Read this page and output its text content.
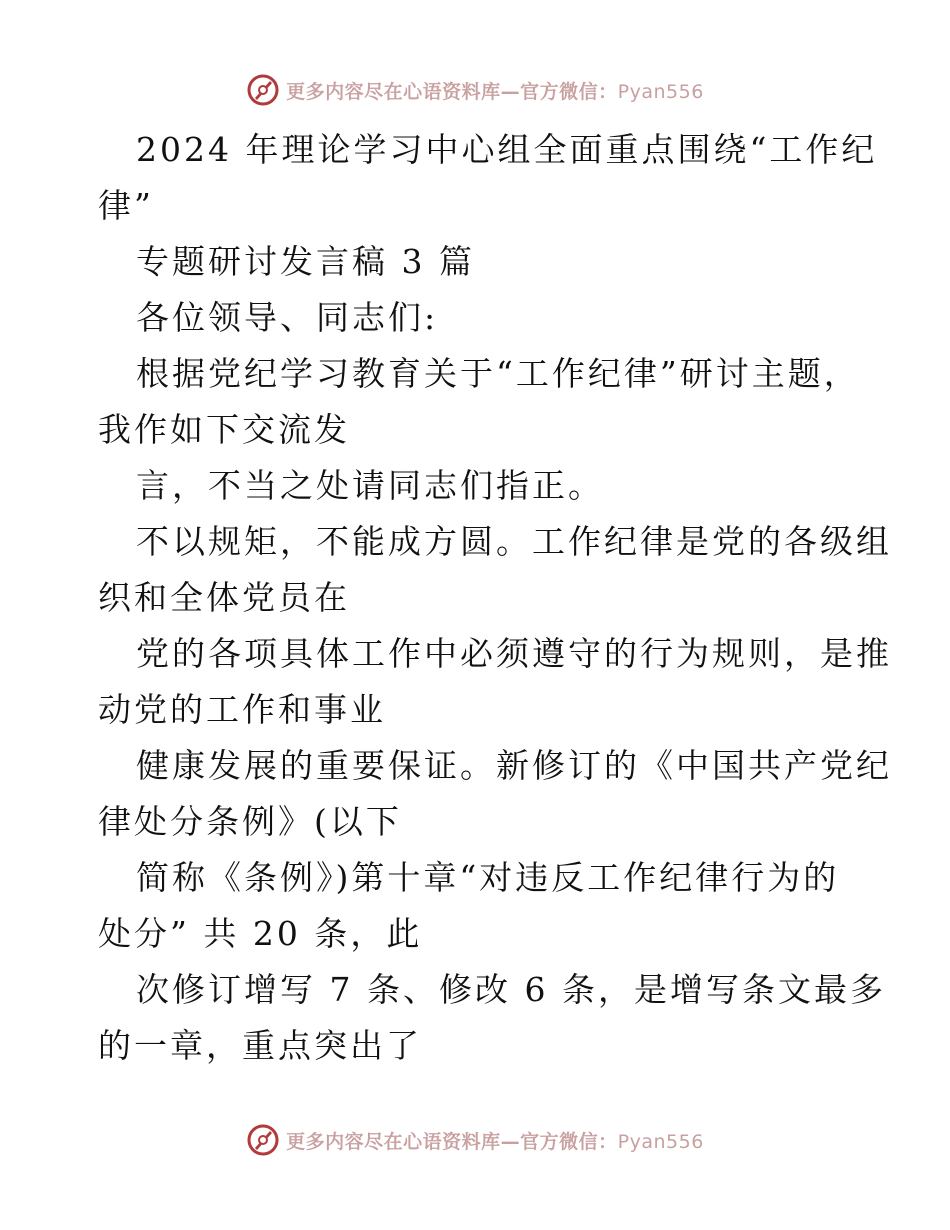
更多内容尽在心语资料库—官方微信：Pyan556
2024 年理论学习中心组全面重点围绕“工作纪
律”
专题研讨发言稿 3 篇
各位领导、同志们:
根据党纪学习教育关于“工作纪律”研讨主题，
我作如下交流发
言，不当之处请同志们指正。
不以规矩，不能成方圆。工作纪律是党的各级组
织和全体党员在
党的各项具体工作中必须遵守的行为规则，是推
动党的工作和事业
健康发展的重要保证。新修订的《中国共产党纪
律处分条例》(以下
简称《条例》)第十章“对违反工作纪律行为的
处分” 共 20 条，此
次修订增写 7 条、修改 6 条，是增写条文最多
的一章，重点突出了
更多内容尽在心语资料库—官方微信：Pyan556
